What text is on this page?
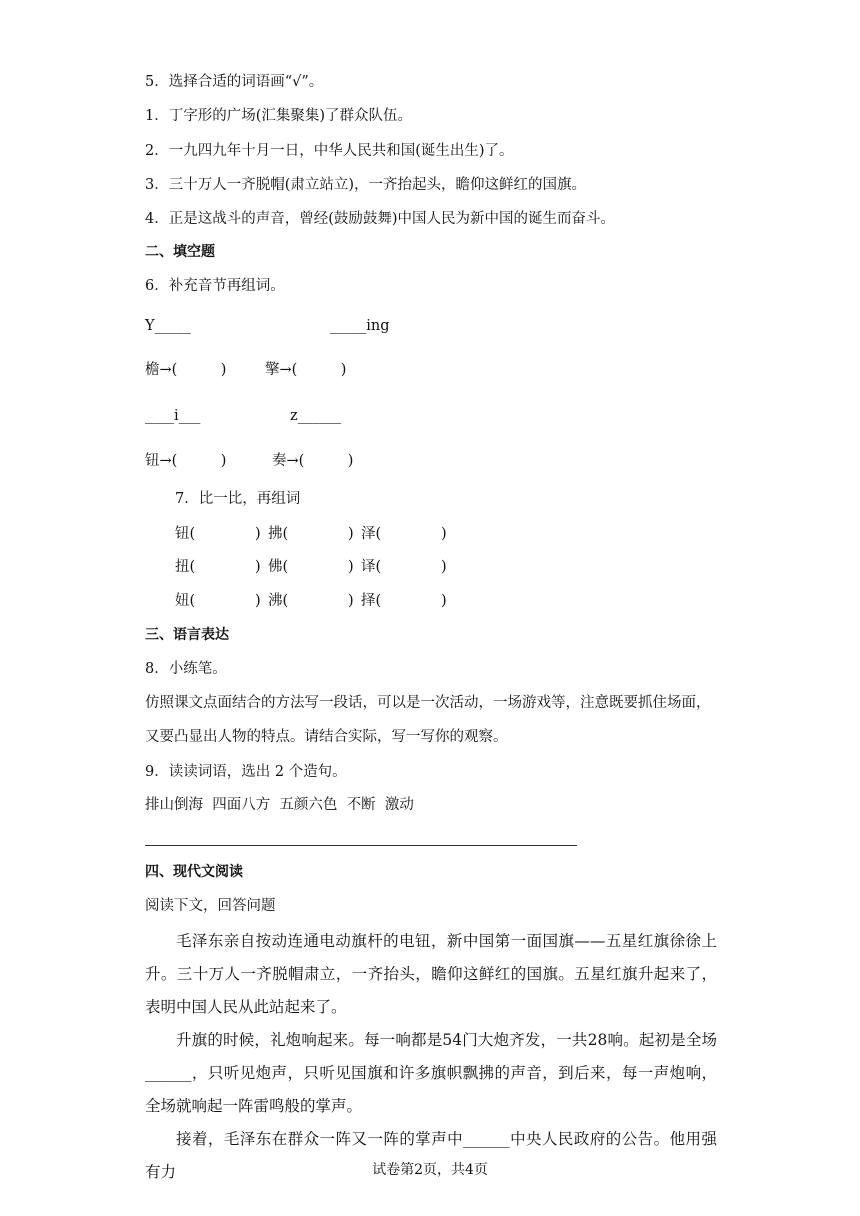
5．选择合适的词语画“√”。
1．丁字形的广场(汇集聚集)了群众队伍。
2．一九四九年十月一日，中华人民共和国(诞生出生)了。
3．三十万人一齐脱帽(肃立站立)，一齐抬起头，瞻仰这鲜红的国旗。
4．正是这战斗的声音，曾经(鼓励鼓舞)中国人民为新中国的诞生而奋斗。
二、填空题
6．补充音节再组词。
Y_____	_____ing
檐→(　　　)	擎→(　　　)
____i___	z______
钮→(　　　)	奏→(　　　)
7．比一比，再组词
钮(	) 拂(	) 泽(	)
扭(	) 佛(	) 译(	)
妞(	) 沸(	) 择(	)
三、语言表达
8．小练笔。
仿照课文点面结合的方法写一段话，可以是一次活动，一场游戏等，注意既要抓住场面，
又要凸显出人物的特点。请结合实际，写一写你的观察。
9．读读词语，选出 2 个造句。
排山倒海  四面八方  五颜六色  不断  激动
四、现代文阅读
阅读下文，回答问题

毛泽东亲自按动连通电动旗杆的电钮，新中国第一面国旗——五星红旗徐徐上升。三十万人一齐脱帽肃立，一齐抬头，瞻仰这鲜红的国旗。五星红旗升起来了，表明中国人民从此站起来了。

升旗的时候，礼炮响起来。每一响都是54门大炮齐发，一共28响。起初是全场______，只听见炮声，只听见国旗和许多旗帜飘拂的声音，到后来，每一声炮响，全场就响起一阵雷鸣般的掌声。

接着，毛泽东在群众一阵又一阵的掌声中______中央人民政府的公告。他用强有力	试卷第2页，共4页
